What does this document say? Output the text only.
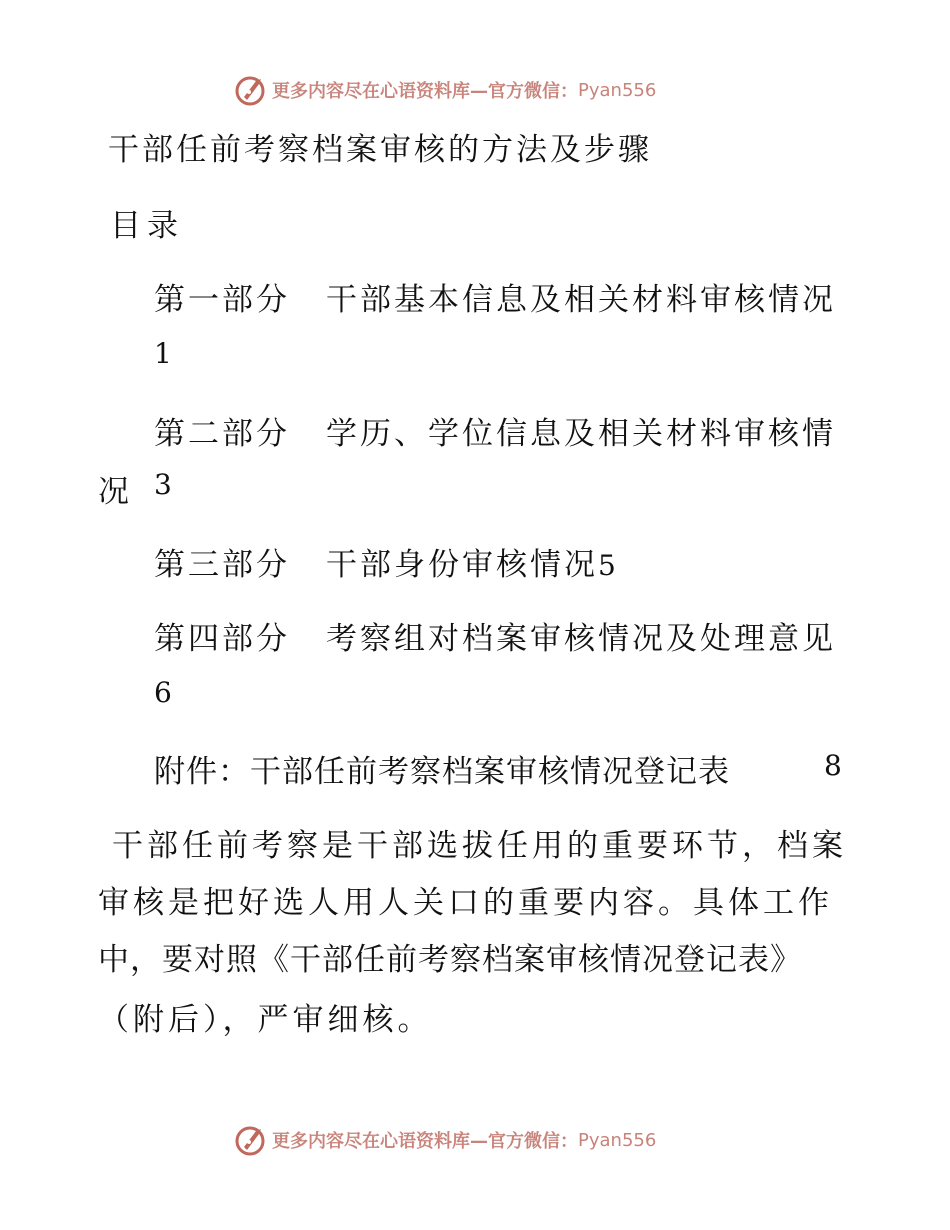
更多内容尽在心语资料库—官方微信： Pyan556
干部任前考察档案审核的方法及步骤
目录
第一部分 干部基本信息及相关材料审核情况
1
第二部分 学历、学位信息及相关材料审核情
况 3
第三部分 干部身份审核情况5
第四部分 考察组对档案审核情况及处理意见
6
附件：干部任前考察档案审核情况登记表	8
干部任前考察是干部选拔任用的重要环节，档案
审核是把好选人用人关口的重要内容。具体工作
中，要对照《干部任前考察档案审核情况登记表》
（附后），严审细核。
更多内容尽在心语资料库—官方微信： Pyan556
